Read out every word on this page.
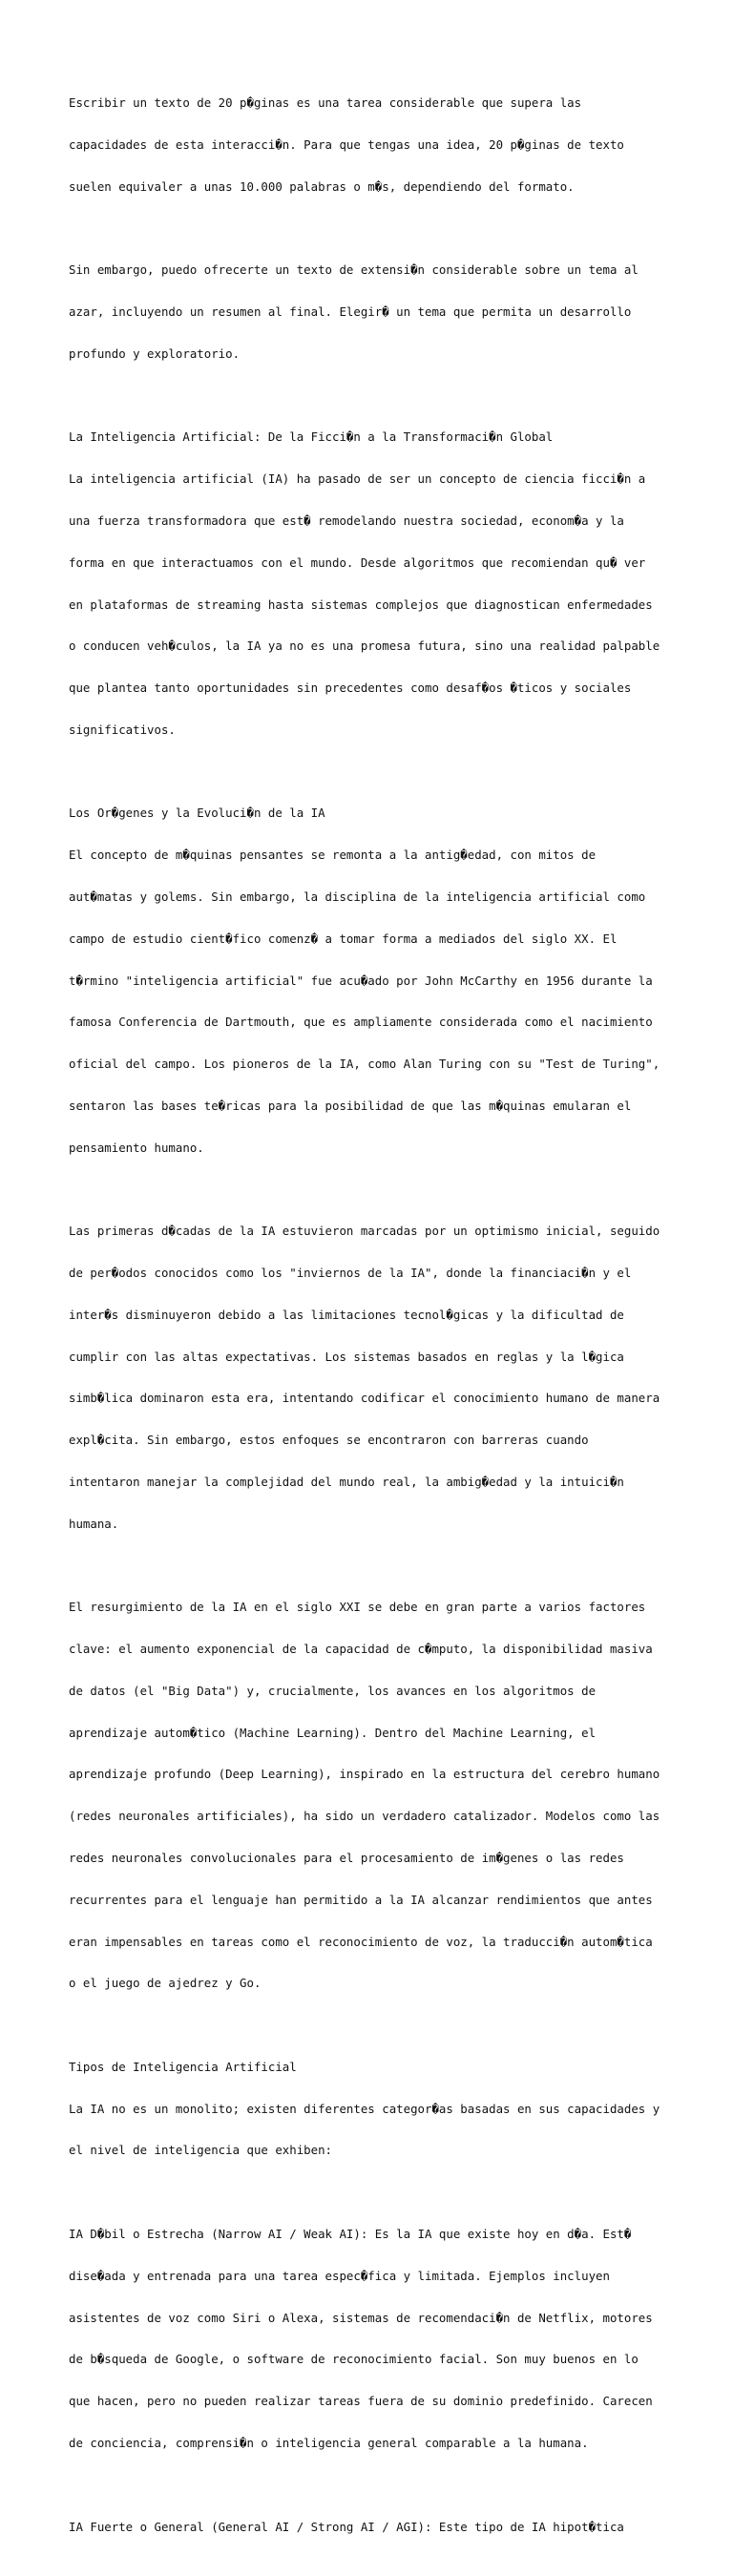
Escribir un texto de 20 p�ginas es una tarea considerable que supera las

capacidades de esta interacci�n. Para que tengas una idea, 20 p�ginas de texto

suelen equivaler a unas 10.000 palabras o m�s, dependiendo del formato.

Sin embargo, puedo ofrecerte un texto de extensi�n considerable sobre un tema al

azar, incluyendo un resumen al final. Elegir� un tema que permita un desarrollo

profundo y exploratorio.

La Inteligencia Artificial: De la Ficci�n a la Transformaci�n Global

La inteligencia artificial (IA) ha pasado de ser un concepto de ciencia ficci�n a

una fuerza transformadora que est� remodelando nuestra sociedad, econom�a y la

forma en que interactuamos con el mundo. Desde algoritmos que recomiendan qu� ver

en plataformas de streaming hasta sistemas complejos que diagnostican enfermedades

o conducen veh�culos, la IA ya no es una promesa futura, sino una realidad palpable

que plantea tanto oportunidades sin precedentes como desaf�os �ticos y sociales

significativos.

Los Or�genes y la Evoluci�n de la IA

El concepto de m�quinas pensantes se remonta a la antig�edad, con mitos de

aut�matas y golems. Sin embargo, la disciplina de la inteligencia artificial como

campo de estudio cient�fico comenz� a tomar forma a mediados del siglo XX. El

t�rmino "inteligencia artificial" fue acu�ado por John McCarthy en 1956 durante la

famosa Conferencia de Dartmouth, que es ampliamente considerada como el nacimiento

oficial del campo. Los pioneros de la IA, como Alan Turing con su "Test de Turing",

sentaron las bases te�ricas para la posibilidad de que las m�quinas emularan el

pensamiento humano.

Las primeras d�cadas de la IA estuvieron marcadas por un optimismo inicial, seguido

de per�odos conocidos como los "inviernos de la IA", donde la financiaci�n y el

inter�s disminuyeron debido a las limitaciones tecnol�gicas y la dificultad de

cumplir con las altas expectativas. Los sistemas basados en reglas y la l�gica

simb�lica dominaron esta era, intentando codificar el conocimiento humano de manera

expl�cita. Sin embargo, estos enfoques se encontraron con barreras cuando

intentaron manejar la complejidad del mundo real, la ambig�edad y la intuici�n

humana.

El resurgimiento de la IA en el siglo XXI se debe en gran parte a varios factores

clave: el aumento exponencial de la capacidad de c�mputo, la disponibilidad masiva

de datos (el "Big Data") y, crucialmente, los avances en los algoritmos de

aprendizaje autom�tico (Machine Learning). Dentro del Machine Learning, el

aprendizaje profundo (Deep Learning), inspirado en la estructura del cerebro humano

(redes neuronales artificiales), ha sido un verdadero catalizador. Modelos como las

redes neuronales convolucionales para el procesamiento de im�genes o las redes

recurrentes para el lenguaje han permitido a la IA alcanzar rendimientos que antes

eran impensables en tareas como el reconocimiento de voz, la traducci�n autom�tica

o el juego de ajedrez y Go.

Tipos de Inteligencia Artificial

La IA no es un monolito; existen diferentes categor�as basadas en sus capacidades y

el nivel de inteligencia que exhiben:

IA D�bil o Estrecha (Narrow AI / Weak AI): Es la IA que existe hoy en d�a. Est�

dise�ada y entrenada para una tarea espec�fica y limitada. Ejemplos incluyen

asistentes de voz como Siri o Alexa, sistemas de recomendaci�n de Netflix, motores

de b�squeda de Google, o software de reconocimiento facial. Son muy buenos en lo

que hacen, pero no pueden realizar tareas fuera de su dominio predefinido. Carecen

de conciencia, comprensi�n o inteligencia general comparable a la humana.

IA Fuerte o General (General AI / Strong AI / AGI): Este tipo de IA hipot�tica
